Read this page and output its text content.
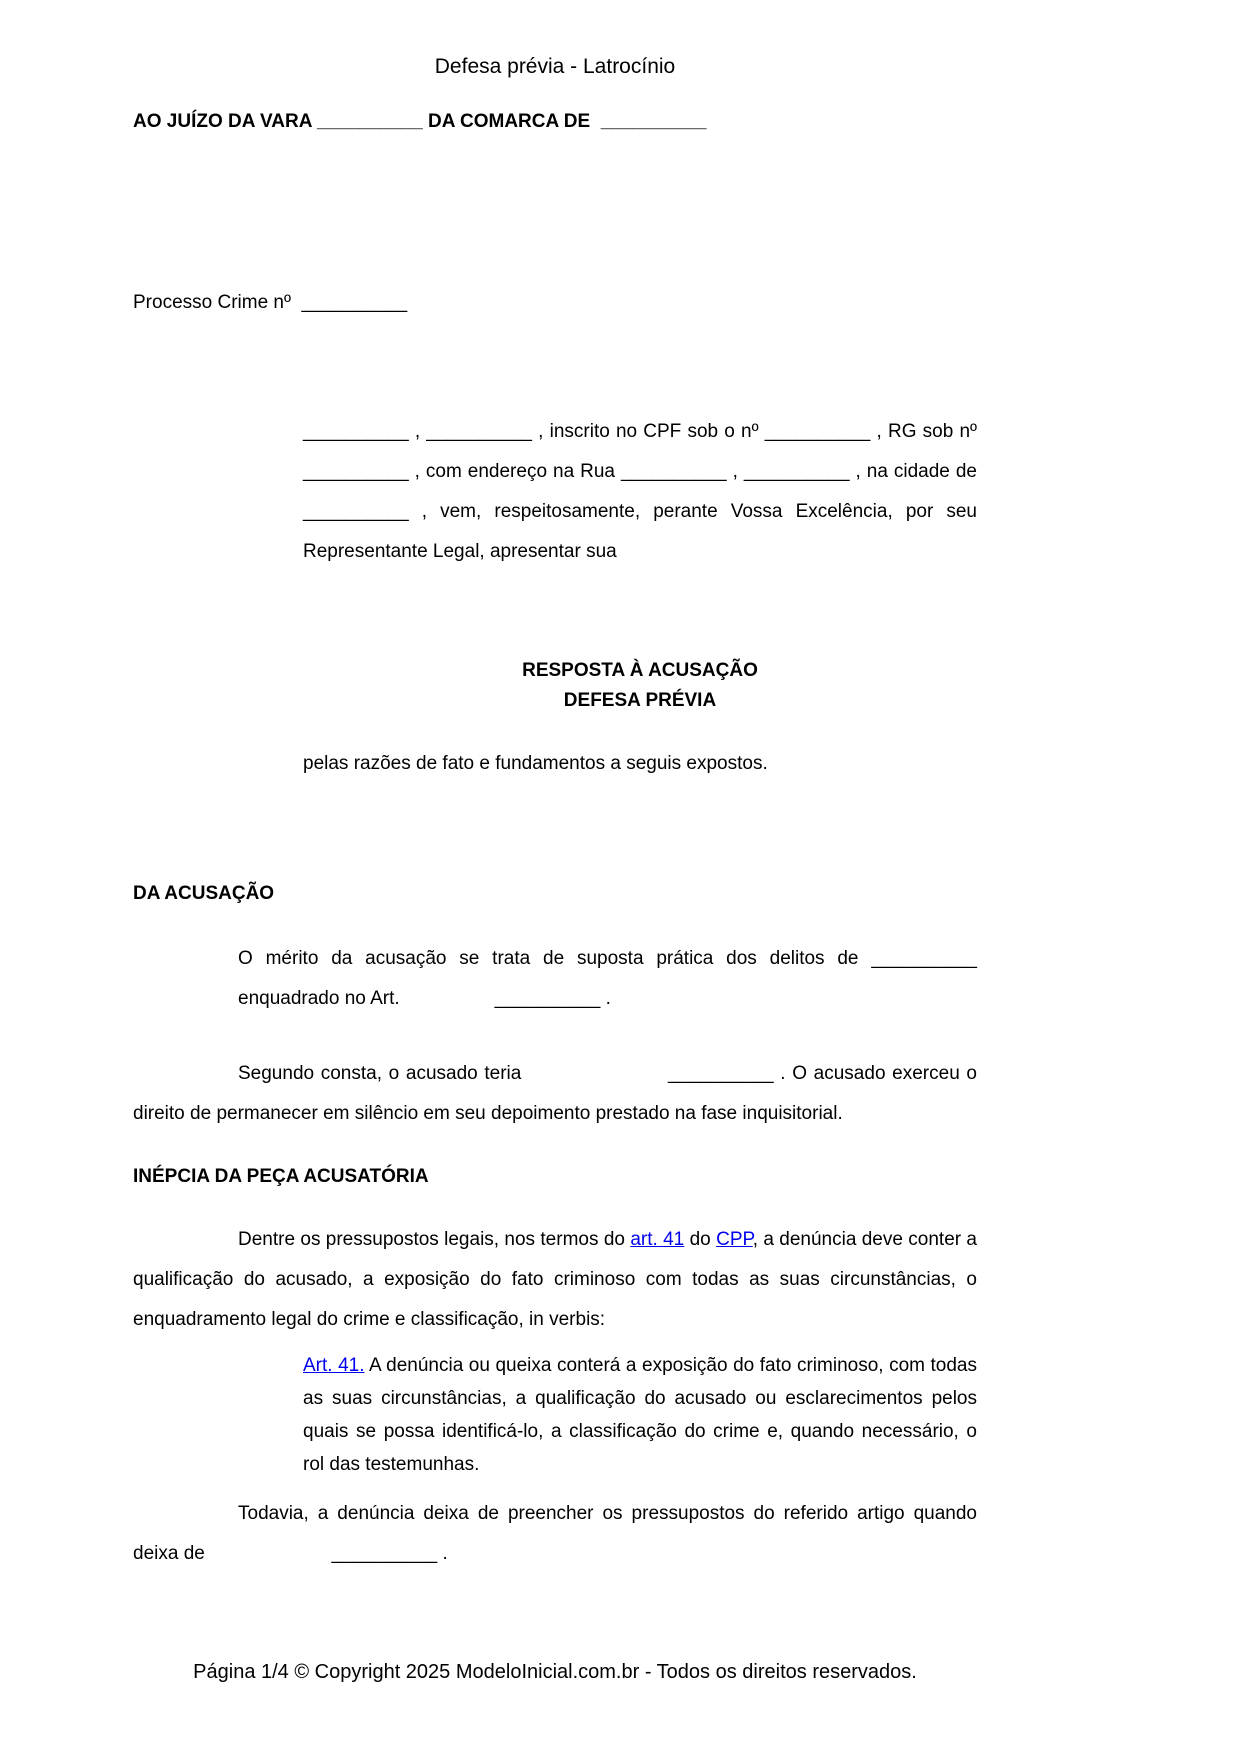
Defesa prévia - Latrocínio
AO JUÍZO DA VARA __________ DA COMARCA DE  __________
Processo Crime nº  __________

__________ , __________ , inscrito no CPF sob o nº __________ , RG sob nº __________ , com endereço na Rua __________ , __________ , na cidade de __________ , vem, respeitosamente, perante Vossa Excelência, por seu Representante Legal, apresentar sua

RESPOSTA À ACUSAÇÃO
DEFESA PRÉVIA

pelas razões de fato e fundamentos a seguis expostos.

DA ACUSAÇÃO

O mérito da acusação se trata de suposta prática dos delitos de __________ enquadrado no Art.                  __________ .

Segundo consta, o acusado teria                      __________ . O acusado exerceu o direito de permanecer em silêncio em seu depoimento prestado na fase inquisitorial.

INÉPCIA DA PEÇA ACUSATÓRIA

Dentre os pressupostos legais, nos termos do art. 41 do CPP, a denúncia deve conter a qualificação do acusado, a exposição do fato criminoso com todas as suas circunstâncias, o enquadramento legal do crime e classificação, in verbis:

Art. 41. A denúncia ou queixa conterá a exposição do fato criminoso, com todas as suas circunstâncias, a qualificação do acusado ou esclarecimentos pelos quais se possa identificá-lo, a classificação do crime e, quando necessário, o rol das testemunhas.

Todavia, a denúncia deixa de preencher os pressupostos do referido artigo quando deixa de                        __________ .

Página 1/4 © Copyright 2025 ModeloInicial.com.br - Todos os direitos reservados.
